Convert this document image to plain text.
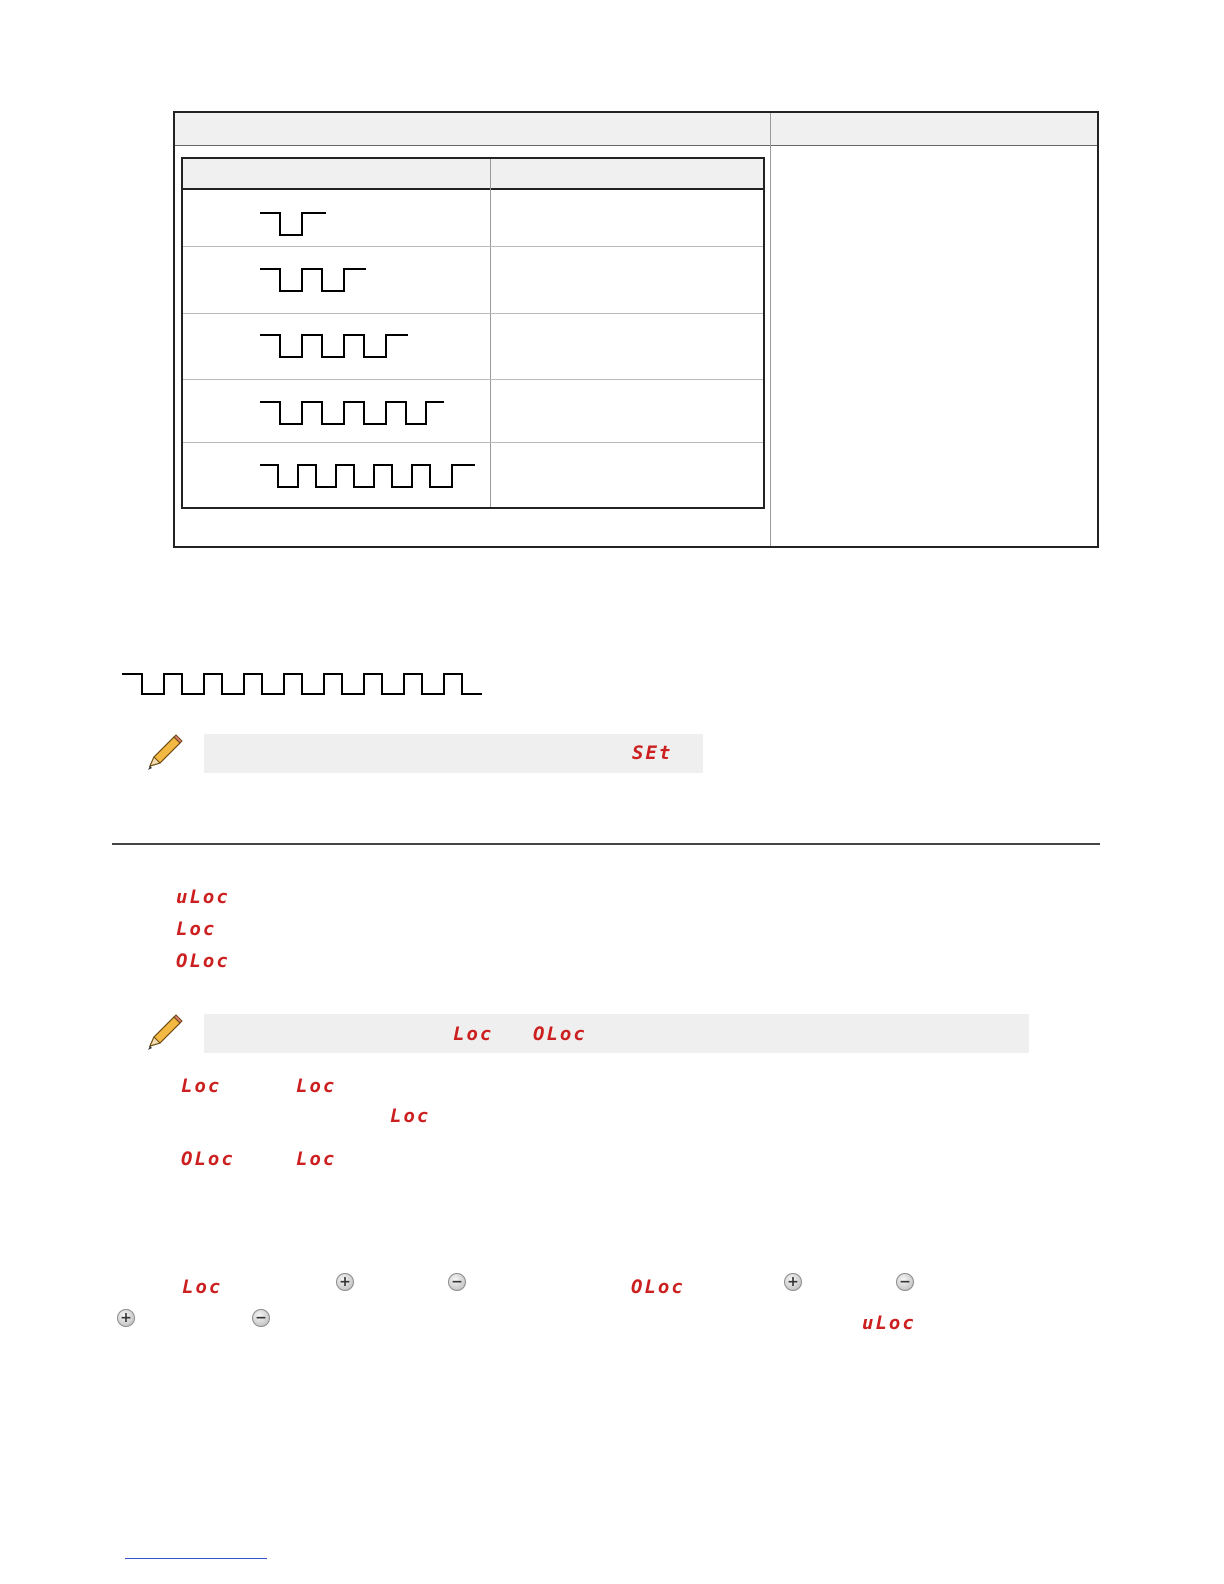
SEt
uLoc
Loc
OLoc
Loc OLoc
Loc	Loc
Loc
OLoc	Loc
Loc	+	−	OLoc	+	−
+	−	uLoc
